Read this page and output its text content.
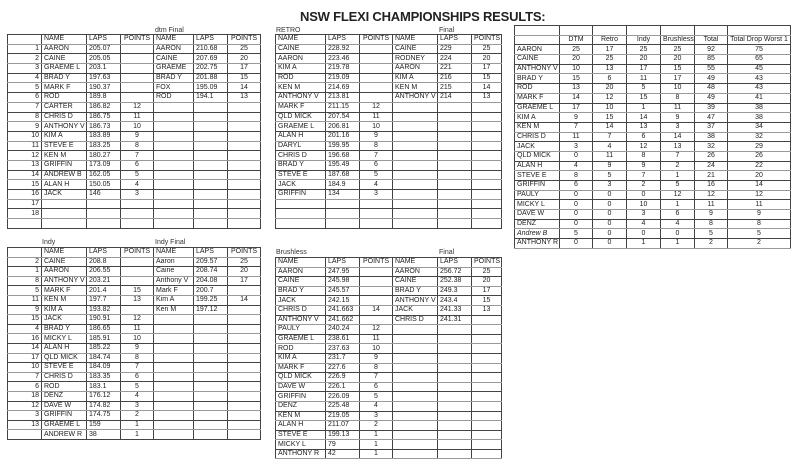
NSW FLEXI CHAMPIONSHIPS RESULTS:
dtm Final
	NAME	LAPS	POINTS	NAME	LAPS	POINTS
1	AARON	205.07		AARON	210.68	25
2	CAINE	205.05		CAINE	207.69	20
3	GRAEME L	203.1		GRAEME	202.75	17
4	BRAD Y	197.63		BRAD Y	201.88	15
5	MARK F	190.37		FOX	195.09	14
6	ROD	189.8		ROD	194.1	13
7	CARTER	186.82	12			
8	CHRIS D	186.75	11			
9	ANTHONY V	186.73	10			
10	KIM A	183.89	9			
11	STEVE E	183.25	8			
12	KEN M	180.27	7			
13	GRIFFIN	173.09	6			
14	ANDREW B	162.05	5			
15	ALAN H	150.05	4			
16	JACK	146	3			
17						
18						

RETRO	Final
NAME	LAPS	POINTS	NAME	LAPS	POINTS	
CAINE	228.92		CAINE	229	25	
AARON	223.46		RODNEY	224	20	
KIM A	219.78		AARON	221	17	
ROD	219.09		KIM A	216	15	
KEN M	214.69		KEN M	215	14	
ANTHONY V	213.81		ANTHONY V	214	13	
MARK F	211.15	12				
QLD MICK	207.54	11				
GRAEME L	206.81	10				
ALAN H	201.16	9				
DARYL	199.95	8				
CHRIS D	196.68	7				
BRAD Y	195.49	6				
STEVE E	187.68	5				
JACK	184.9	4				
GRIFFIN	134	3				

	DTM	Retro	Indy	Brushless	Total	Total Drop Worst 1
AARON	25	17	25	25	92	75
CAINE	20	25	20	20	85	65
ANTHONY V	10	13	17	15	55	45
BRAD Y	15	6	11	17	49	43
ROD	13	20	5	10	48	43
MARK F	14	12	15	8	49	41
GRAEME L	17	10	1	11	39	38
KIM A	9	15	14	9	47	38
KEN M	7	14	13	3	37	34
CHRIS D	11	7	6	14	38	32
JACK	3	4	12	13	32	29
QLD MICK	0	11	8	7	26	26
ALAN H	4	9	9	2	24	22
STEVE E	8	5	7	1	21	20
GRIFFIN	6	3	2	5	16	14
PAULY	0	0	0	12	12	12
MICKY L	0	0	10	1	11	11
DAVE W	0	0	3	6	9	9
DENZ	0	0	4	4	8	8
Andrew B	5	0	0	0	5	5
ANTHONY R	0	0	1	1	2	2
Indy	Indy Final
	NAME	LAPS	POINTS	NAME	LAPS	POINTS
2	CAINE	208.8		Aaron	209.57	25
1	AARON	206.55		Caine	208.74	20
8	ANTHONY V	203.21		Anthony V	204.08	17
5	MARK F	201.4	15	Mark F	200.7	
11	KEN M	197.7	13	Kim A	199.25	14
9	KIM A	193.82		Ken M	197.12	
15	JACK	190.91	12			
4	BRAD Y	186.65	11			
16	MICKY L	185.91	10			
14	ALAN H	185.22	9			
17	QLD MICK	184.74	8			
10	STEVE E	184.09	7			
7	CHRIS D	183.35	6			
6	ROD	183.1	5			
18	DENZ	176.12	4			
12	DAVE W	174.82	3			
3	GRIFFIN	174.75	2			
13	GRAEME L	159	1			
	ANDREW R	38	1			
Brushless	Final
NAME	LAPS	POINTS	NAME	LAPS	POINTS
AARON	247.95		AARON	256.72	25
CAINE	245.98		CAINE	252.38	20
BRAD Y	245.57		BRAD Y	249.3	17
JACK	242.15		ANTHONY V	243.4	15
CHRIS D	241.663	14	JACK	241.33	13
ANTHONY V	241.662		CHRIS D	241.31	
PAULY	240.24	12			
GRAEME L	238.61	11			
ROD	237.63	10			
KIM A	231.7	9			
MARK F	227.6	8			
QLD MICK	226.9	7			
DAVE W	226.1	6			
GRIFFIN	226.09	5			
DENZ	225.48	4			
KEN M	219.05	3			
ALAN H	211.07	2			
STEVE E	199.13	1			
MICKY L	79	1			
ANTHONY R	42	1			
